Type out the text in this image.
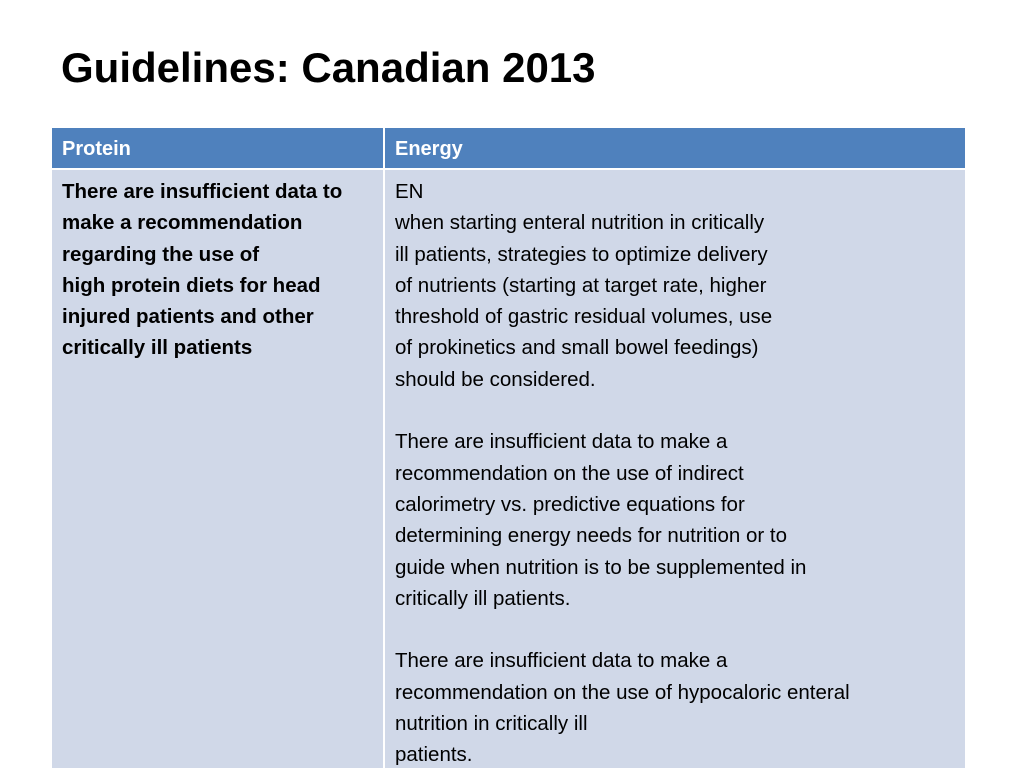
Guidelines: Canadian 2013
Protein	Energy

There are insufficient data to
make a recommendation
regarding the use of
high protein diets for head
injured patients and other
critically ill patients

EN
when starting enteral nutrition in critically
ill patients, strategies to optimize delivery
of nutrients (starting at target rate, higher
threshold of gastric residual volumes, use
of prokinetics and small bowel feedings)
should be considered.

There are insufficient data to make a
recommendation on the use of indirect
calorimetry vs. predictive equations for
determining energy needs for nutrition or to
guide when nutrition is to be supplemented in
critically ill patients.

There are insufficient data to make a
recommendation on the use of hypocaloric enteral
nutrition in critically ill
patients.
